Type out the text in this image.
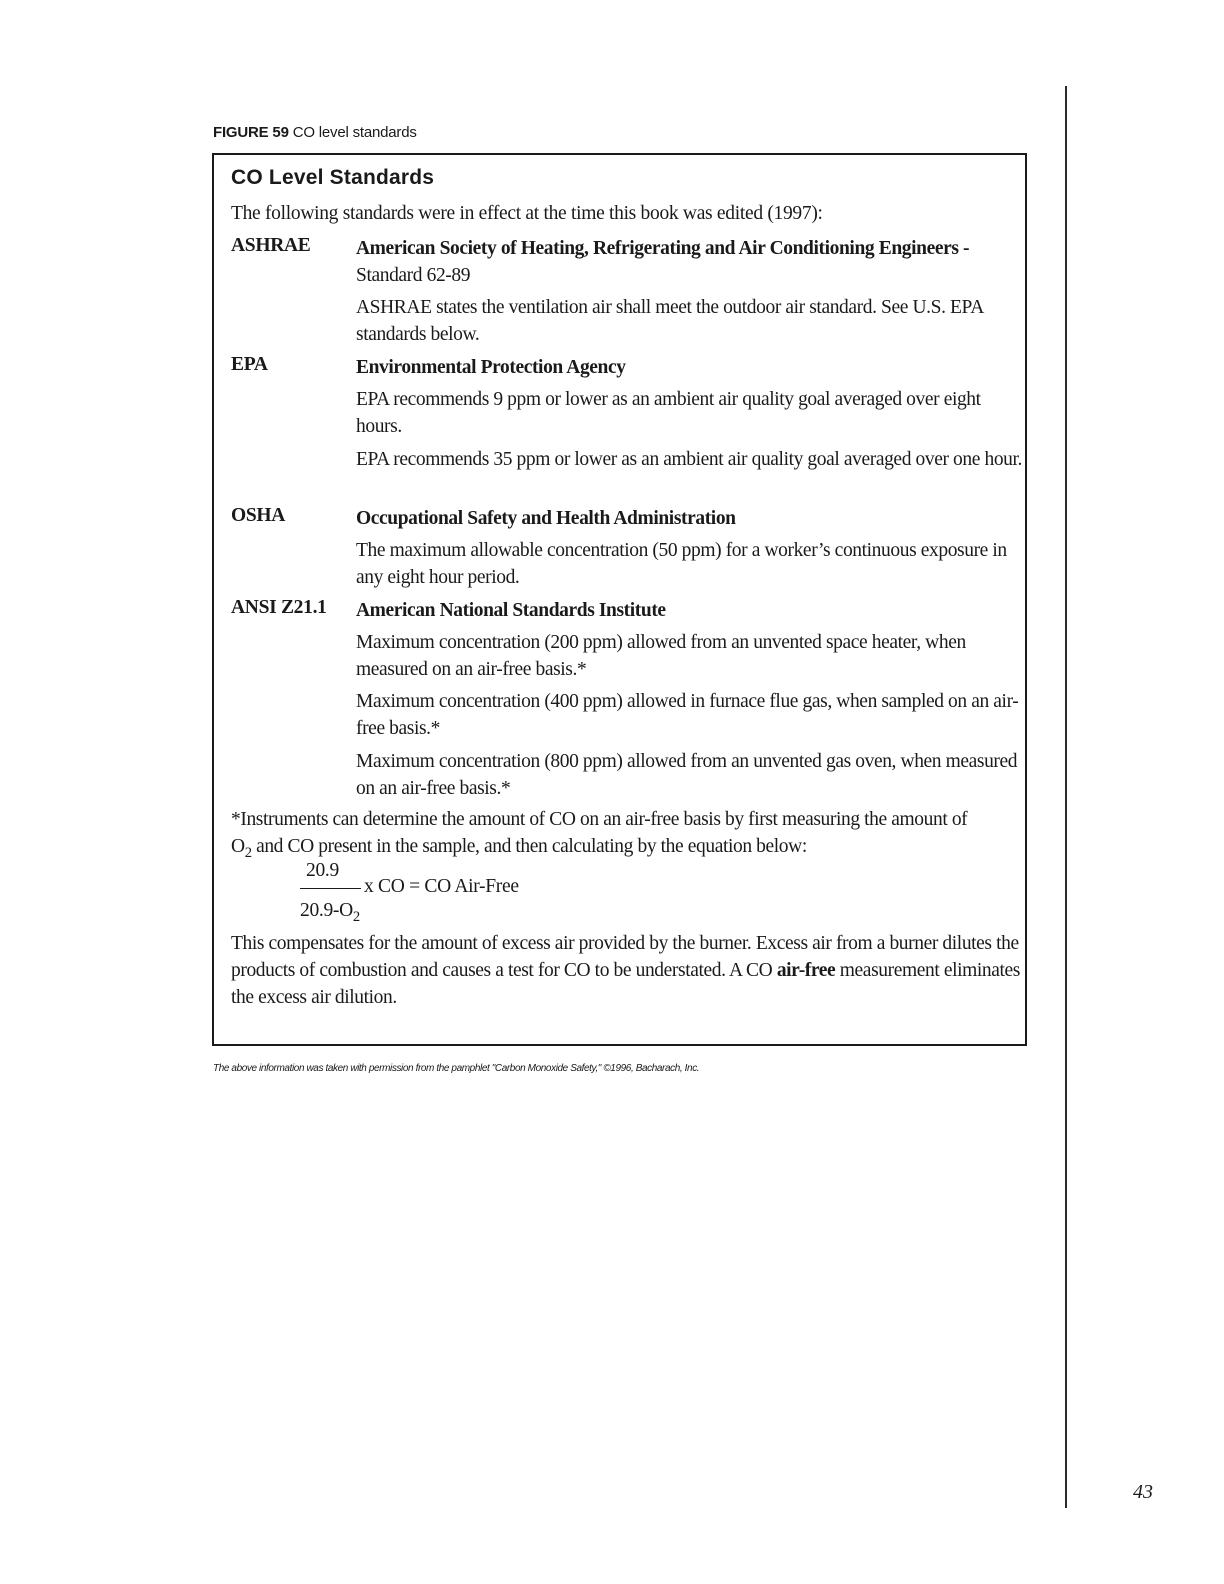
FIGURE 59 CO level standards
CO Level Standards
The following standards were in effect at the time this book was edited (1997):
ASHRAE American Society of Heating, Refrigerating and Air Conditioning Engineers -
Standard 62-89
ASHRAE states the ventilation air shall meet the outdoor air standard. See U.S. EPA standards below.
EPA	Environmental Protection Agency
EPA recommends 9 ppm or lower as an ambient air quality goal averaged over eight hours.
EPA recommends 35 ppm or lower as an ambient air quality goal averaged over one hour.
OSHA	Occupational Safety and Health Administration
The maximum allowable concentration (50 ppm) for a worker’s continuous exposure in any eight hour period.
ANSI Z21.1 American National Standards Institute
Maximum concentration (200 ppm) allowed from an unvented space heater, when measured on an air-free basis.*
Maximum concentration (400 ppm) allowed in furnace flue gas, when sampled on an air-free basis.*
Maximum concentration (800 ppm) allowed from an unvented gas oven, when measured on an air-free basis.*
*Instruments can determine the amount of CO on an air-free basis by first measuring the amount of
$O_2$ and CO present in the sample, and then calculating by the equation below:
20.9
x CO = CO Air-Free
$20.9-O_2$
This compensates for the amount of excess air provided by the burner. Excess air from a burner dilutes the products of combustion and causes a test for CO to be understated. A CO air-free measurement eliminates the excess air dilution.
The above information was taken with permission from the pamphlet "Carbon Monoxide Safety," ©1996, Bacharach, Inc.
43
